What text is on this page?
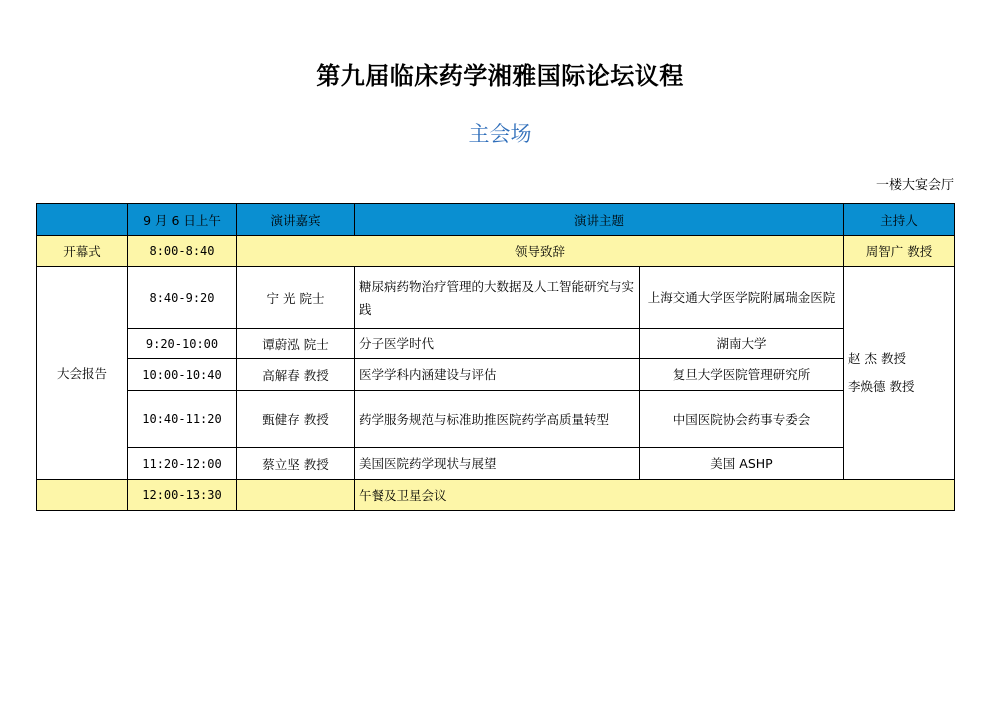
第九届临床药学湘雅国际论坛议程
主会场
一楼大宴会厅
	9 月 6 日上午	演讲嘉宾	演讲主题		主持人
开幕式	8:00-8:40	领导致辞			周智广 教授
大会报告	8:40-9:20	宁 光 院士	糖尿病药物治疗管理的大数据及人工智能研究与实践	上海交通大学医学院附属瑞金医院	赵 杰 教授
李焕德 教授

	9:20-10:00	谭蔚泓 院士	分子医学时代	湖南大学	
	10:00-10:40	高解春 教授	医学学科内涵建设与评估	复旦大学医院管理研究所	
	10:40-11:20	甄健存 教授	药学服务规范与标准助推医院药学高质量转型	中国医院协会药事专委会	
	11:20-12:00	蔡立坚 教授	美国医院药学现状与展望	美国 ASHP	
	12:00-13:30		午餐及卫星会议		
